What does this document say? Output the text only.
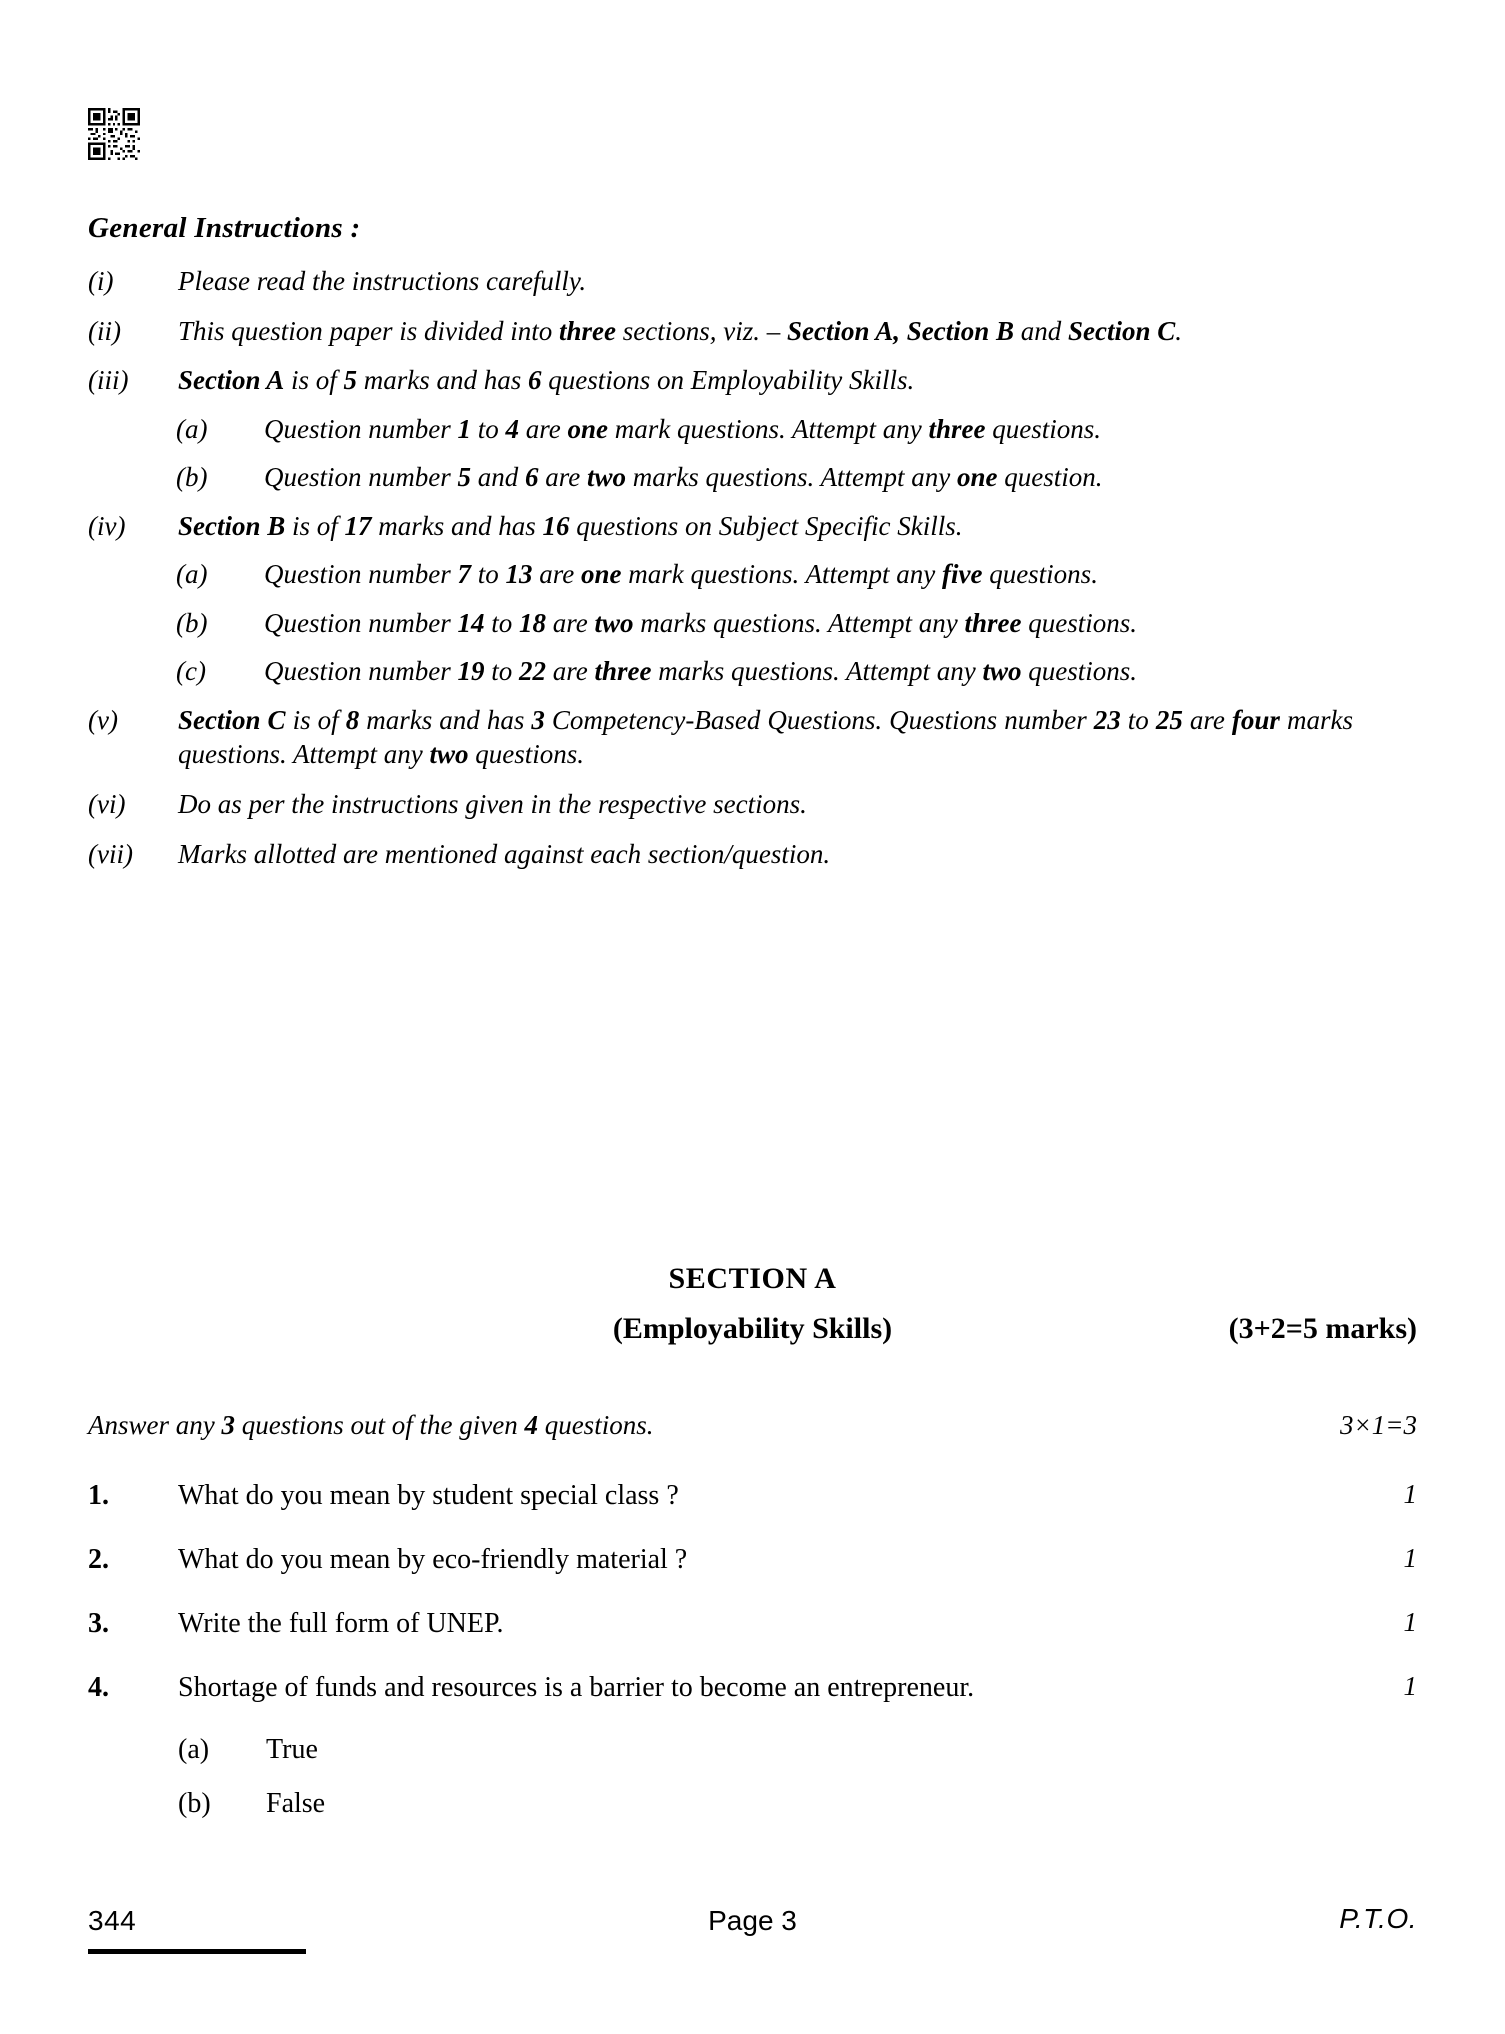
General Instructions :
(i)	Please read the instructions carefully.
(ii)	This question paper is divided into three sections, viz. – Section A, Section B and Section C.
(iii)	Section A is of 5 marks and has 6 questions on Employability Skills.
(a)	Question number 1 to 4 are one mark questions. Attempt any three questions.
(b)	Question number 5 and 6 are two marks questions. Attempt any one question.
(iv)	Section B is of 17 marks and has 16 questions on Subject Specific Skills.
(a)	Question number 7 to 13 are one mark questions. Attempt any five questions.
(b)	Question number 14 to 18 are two marks questions. Attempt any three questions.
(c)	Question number 19 to 22 are three marks questions. Attempt any two questions.
(v)	Section C is of 8 marks and has 3 Competency-Based Questions. Questions number 23 to 25 are four marks questions. Attempt any two questions.
(vi)	Do as per the instructions given in the respective sections.
(vii)	Marks allotted are mentioned against each section/question.
SECTION A
(Employability Skills)	(3+2=5 marks)
Answer any 3 questions out of the given 4 questions.	3×1=3
1.	What do you mean by student special class ?	1
2.	What do you mean by eco-friendly material ?	1
3.	Write the full form of UNEP.	1
4.	Shortage of funds and resources is a barrier to become an entrepreneur.	1
(a)	True
(b)	False
344	Page 3	P.T.O.
